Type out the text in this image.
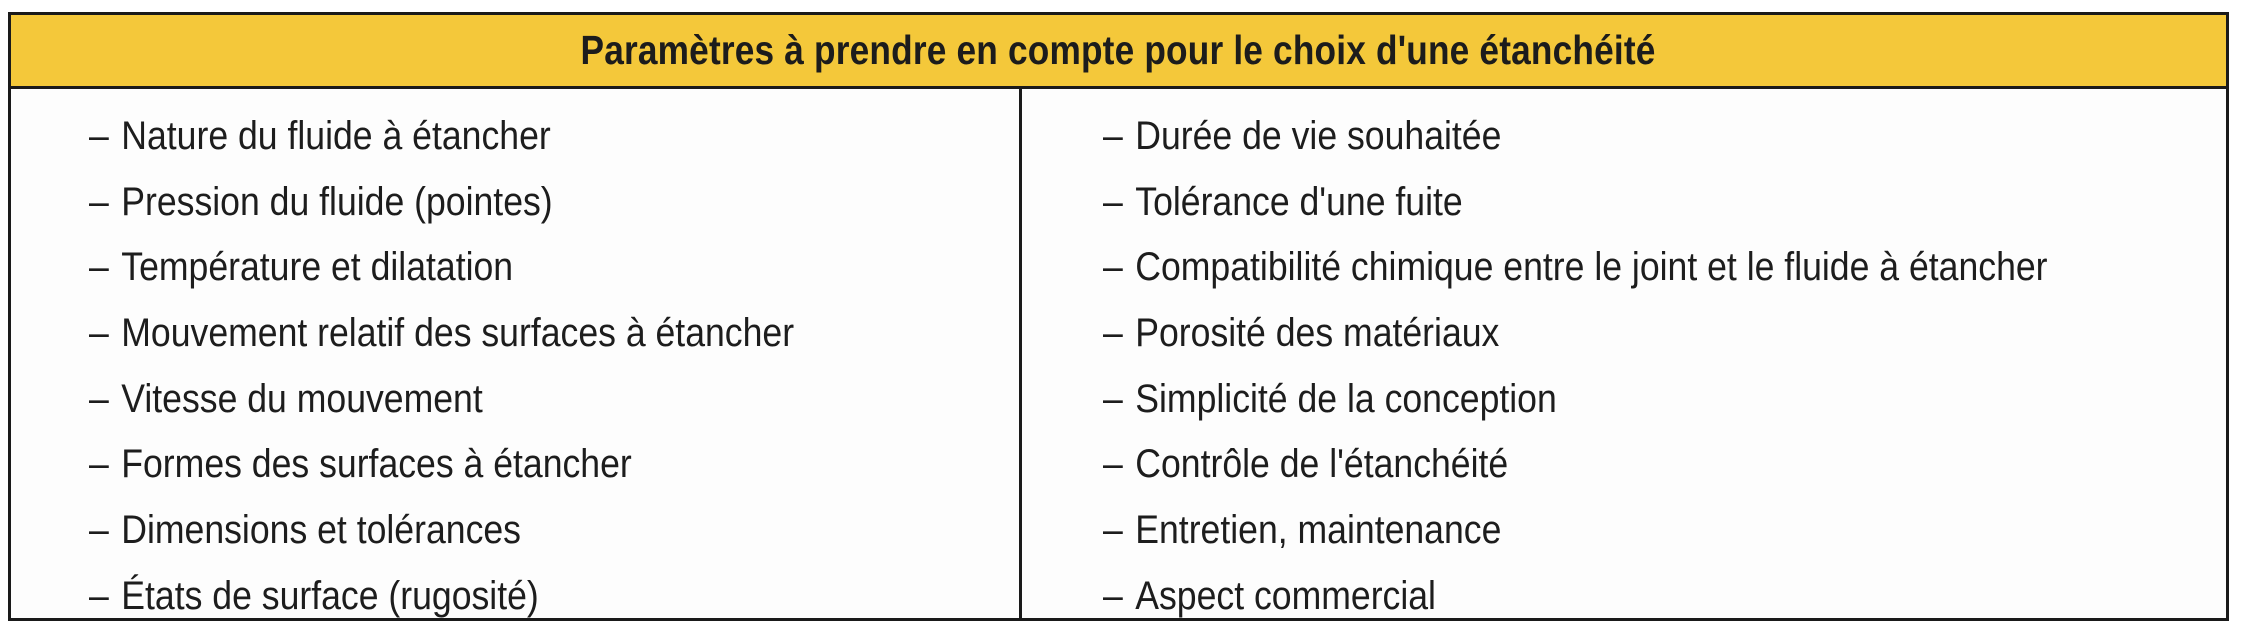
Paramètres à prendre en compte pour le choix d'une étanchéité
– Nature du fluide à étancher
– Pression du fluide (pointes)
– Température et dilatation
– Mouvement relatif des surfaces à étancher
– Vitesse du mouvement
– Formes des surfaces à étancher
– Dimensions et tolérances
– États de surface (rugosité)
– Durée de vie souhaitée
– Tolérance d'une fuite
– Compatibilité chimique entre le joint et le fluide à étancher
– Porosité des matériaux
– Simplicité de la conception
– Contrôle de l'étanchéité
– Entretien, maintenance
– Aspect commercial
